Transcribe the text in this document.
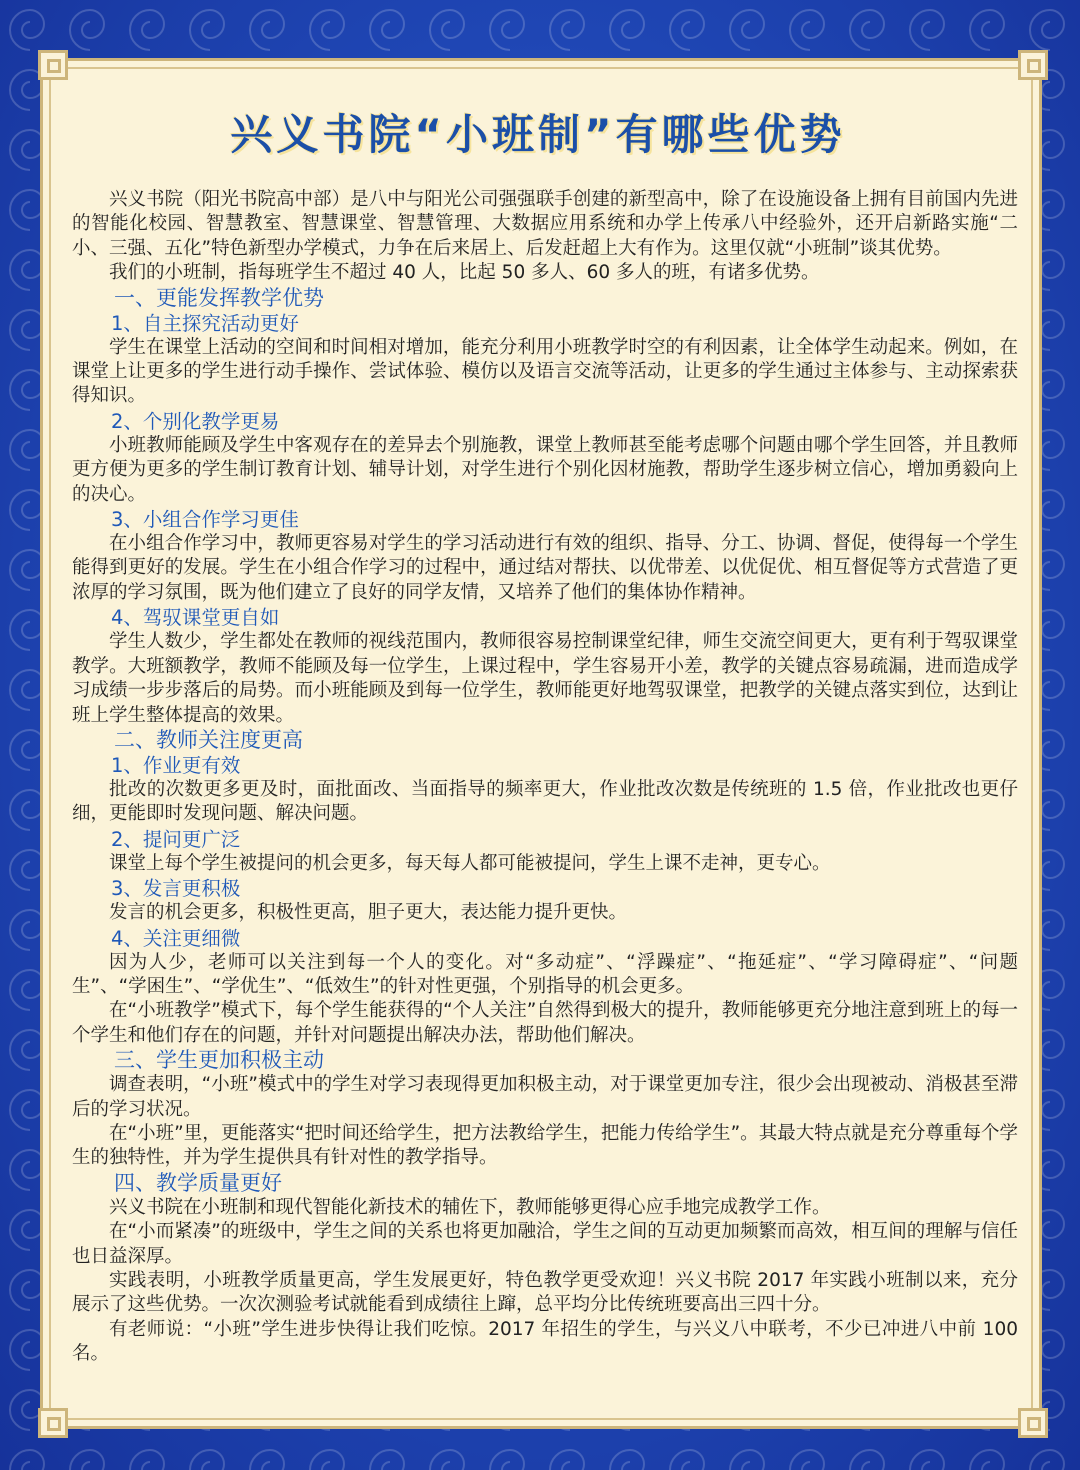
兴义书院“小班制”有哪些优势

兴义书院（阳光书院高中部）是八中与阳光公司强强联手创建的新型高中，除了在设施设备上拥有目前国内先进的智能化校园、智慧教室、智慧课堂、智慧管理、大数据应用系统和办学上传承八中经验外，还开启新路实施“二小、三强、五化”特色新型办学模式，力争在后来居上、后发赶超上大有作为。这里仅就“小班制”谈其优势。

我们的小班制，指每班学生不超过 40 人，比起 50 多人、60 多人的班，有诸多优势。

一、更能发挥教学优势
1、自主探究活动更好

学生在课堂上活动的空间和时间相对增加，能充分利用小班教学时空的有利因素，让全体学生动起来。例如，在课堂上让更多的学生进行动手操作、尝试体验、模仿以及语言交流等活动，让更多的学生通过主体参与、主动探索获得知识。

2、个别化教学更易

小班教师能顾及学生中客观存在的差异去个别施教，课堂上教师甚至能考虑哪个问题由哪个学生回答，并且教师更方便为更多的学生制订教育计划、辅导计划，对学生进行个别化因材施教，帮助学生逐步树立信心，增加勇毅向上的决心。

3、小组合作学习更佳

在小组合作学习中，教师更容易对学生的学习活动进行有效的组织、指导、分工、协调、督促，使得每一个学生能得到更好的发展。学生在小组合作学习的过程中，通过结对帮扶、以优带差、以优促优、相互督促等方式营造了更浓厚的学习氛围，既为他们建立了良好的同学友情，又培养了他们的集体协作精神。

4、驾驭课堂更自如

学生人数少，学生都处在教师的视线范围内，教师很容易控制课堂纪律，师生交流空间更大，更有利于驾驭课堂教学。大班额教学，教师不能顾及每一位学生，上课过程中，学生容易开小差，教学的关键点容易疏漏，进而造成学习成绩一步步落后的局势。而小班能顾及到每一位学生，教师能更好地驾驭课堂，把教学的关键点落实到位，达到让班上学生整体提高的效果。

二、教师关注度更高
1、作业更有效

批改的次数更多更及时，面批面改、当面指导的频率更大，作业批改次数是传统班的 1.5 倍，作业批改也更仔细，更能即时发现问题、解决问题。

2、提问更广泛

课堂上每个学生被提问的机会更多，每天每人都可能被提问，学生上课不走神，更专心。

3、发言更积极

发言的机会更多，积极性更高，胆子更大，表达能力提升更快。

4、关注更细微

因为人少，老师可以关注到每一个人的变化。对“多动症”、“浮躁症”、“拖延症”、“学习障碍症”、“问题生”、“学困生”、“学优生”、“低效生”的针对性更强，个别指导的机会更多。

在“小班教学”模式下，每个学生能获得的“个人关注”自然得到极大的提升，教师能够更充分地注意到班上的每一个学生和他们存在的问题，并针对问题提出解决办法，帮助他们解决。

三、学生更加积极主动

调查表明，“小班”模式中的学生对学习表现得更加积极主动，对于课堂更加专注，很少会出现被动、消极甚至滞后的学习状况。

在“小班”里，更能落实“把时间还给学生，把方法教给学生，把能力传给学生”。其最大特点就是充分尊重每个学生的独特性，并为学生提供具有针对性的教学指导。

四、教学质量更好

兴义书院在小班制和现代智能化新技术的辅佐下，教师能够更得心应手地完成教学工作。

在“小而紧凑”的班级中，学生之间的关系也将更加融洽，学生之间的互动更加频繁而高效，相互间的理解与信任也日益深厚。

实践表明，小班教学质量更高，学生发展更好，特色教学更受欢迎！兴义书院 2017 年实践小班制以来，充分展示了这些优势。一次次测验考试就能看到成绩往上蹿，总平均分比传统班要高出三四十分。

有老师说：“小班”学生进步快得让我们吃惊。2017 年招生的学生，与兴义八中联考，不少已冲进八中前 100 名。
